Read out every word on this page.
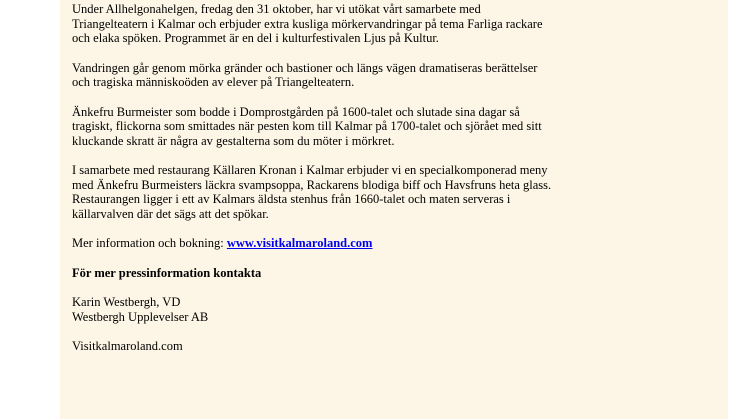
Under Allhelgonahelgen, fredag den 31 oktober, har vi utökat vårt samarbete med
Triangelteatern i Kalmar och erbjuder extra kusliga mörkervandringar på tema Farliga rackare
och elaka spöken. Programmet är en del i kulturfestivalen Ljus på Kultur.

Vandringen går genom mörka gränder och bastioner och längs vägen dramatiseras berättelser
och tragiska människoöden av elever på Triangelteatern.

Änkefru Burmeister som bodde i Domprostgården på 1600-talet och slutade sina dagar så
tragiskt, flickorna som smittades när pesten kom till Kalmar på 1700-talet och sjörået med sitt
kluckande skratt är några av gestalterna som du möter i mörkret.

I samarbete med restaurang Källaren Kronan i Kalmar erbjuder vi en specialkomponerad meny
med Änkefru Burmeisters läckra svampsoppa, Rackarens blodiga biff och Havsfruns heta glass.
Restaurangen ligger i ett av Kalmars äldsta stenhus från 1660-talet och maten serveras i
källarvalven där det sägs att det spökar.

Mer information och bokning: www.visitkalmaroland.com

För mer pressinformation kontakta

Karin Westbergh, VD

Westbergh Upplevelser AB

Visitkalmaroland.com
